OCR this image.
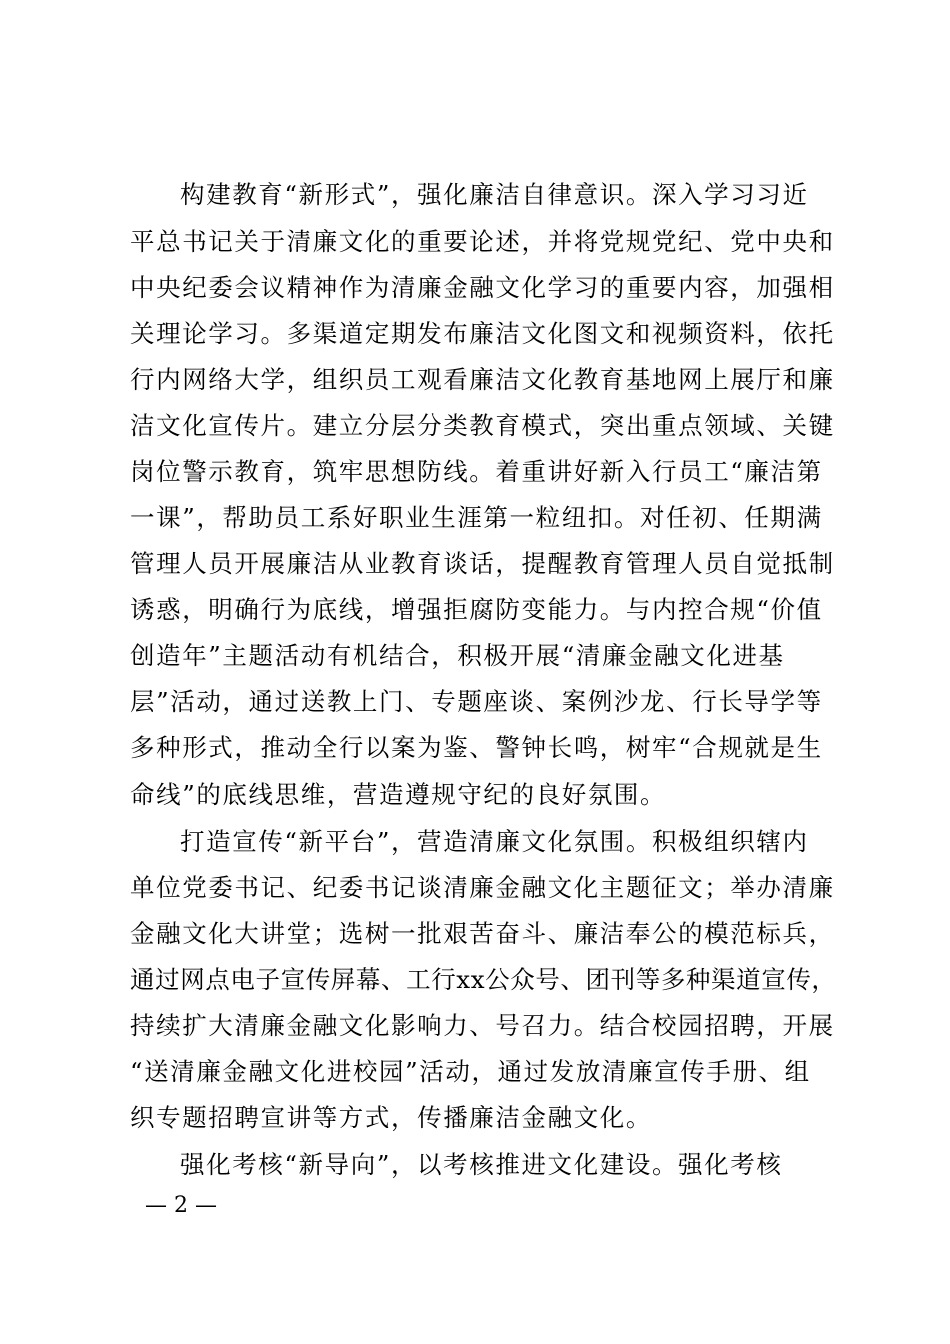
构建教育“新形式”，强化廉洁自律意识。深入学习习近
平总书记关于清廉文化的重要论述，并将党规党纪、党中央和
中央纪委会议精神作为清廉金融文化学习的重要内容，加强相
关理论学习。多渠道定期发布廉洁文化图文和视频资料，依托
行内网络大学，组织员工观看廉洁文化教育基地网上展厅和廉
洁文化宣传片。建立分层分类教育模式，突出重点领域、关键
岗位警示教育，筑牢思想防线。着重讲好新入行员工“廉洁第
一课”，帮助员工系好职业生涯第一粒纽扣。对任初、任期满
管理人员开展廉洁从业教育谈话，提醒教育管理人员自觉抵制
诱惑，明确行为底线，增强拒腐防变能力。与内控合规“价值
创造年”主题活动有机结合，积极开展“清廉金融文化进基
层”活动，通过送教上门、专题座谈、案例沙龙、行长导学等
多种形式，推动全行以案为鉴、警钟长鸣，树牢“合规就是生
命线”的底线思维，营造遵规守纪的良好氛围。
打造宣传“新平台”，营造清廉文化氛围。积极组织辖内
单位党委书记、纪委书记谈清廉金融文化主题征文；举办清廉
金融文化大讲堂；选树一批艰苦奋斗、廉洁奉公的模范标兵，
通过网点电子宣传屏幕、工行xx公众号、团刊等多种渠道宣传，
持续扩大清廉金融文化影响力、号召力。结合校园招聘，开展
“送清廉金融文化进校园”活动，通过发放清廉宣传手册、组
织专题招聘宣讲等方式，传播廉洁金融文化。
强化考核“新导向”，以考核推进文化建设。强化考核
— 2 —
